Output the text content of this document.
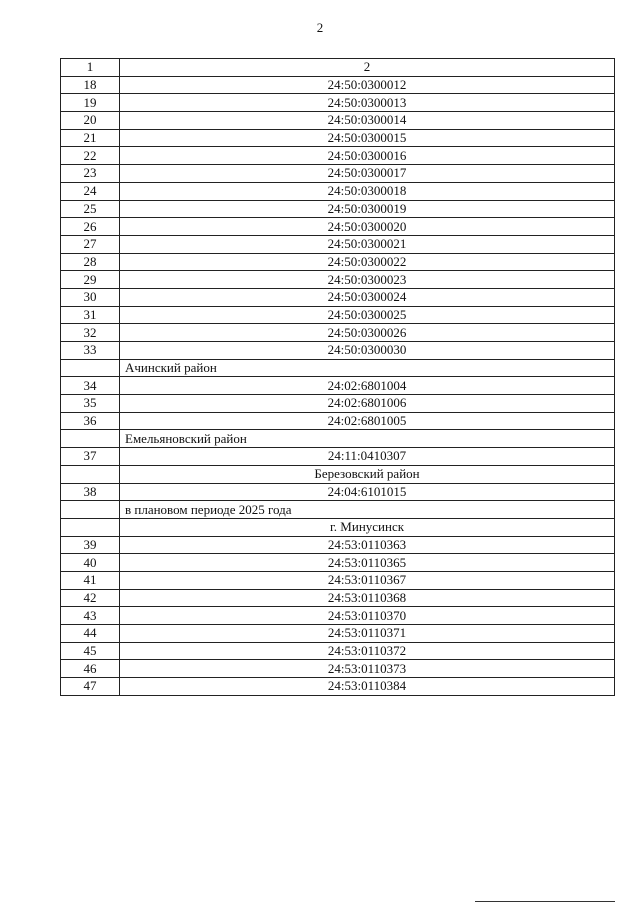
2
1	2
18	24:50:0300012
19	24:50:0300013
20	24:50:0300014
21	24:50:0300015
22	24:50:0300016
23	24:50:0300017
24	24:50:0300018
25	24:50:0300019
26	24:50:0300020
27	24:50:0300021
28	24:50:0300022
29	24:50:0300023
30	24:50:0300024
31	24:50:0300025
32	24:50:0300026
33	24:50:0300030
	Ачинский район
34	24:02:6801004
35	24:02:6801006
36	24:02:6801005
	Емельяновский район
37	24:11:0410307
	Березовский район
38	24:04:6101015
	в плановом периоде 2025 года
	г. Минусинск
39	24:53:0110363
40	24:53:0110365
41	24:53:0110367
42	24:53:0110368
43	24:53:0110370
44	24:53:0110371
45	24:53:0110372
46	24:53:0110373
47	24:53:0110384
